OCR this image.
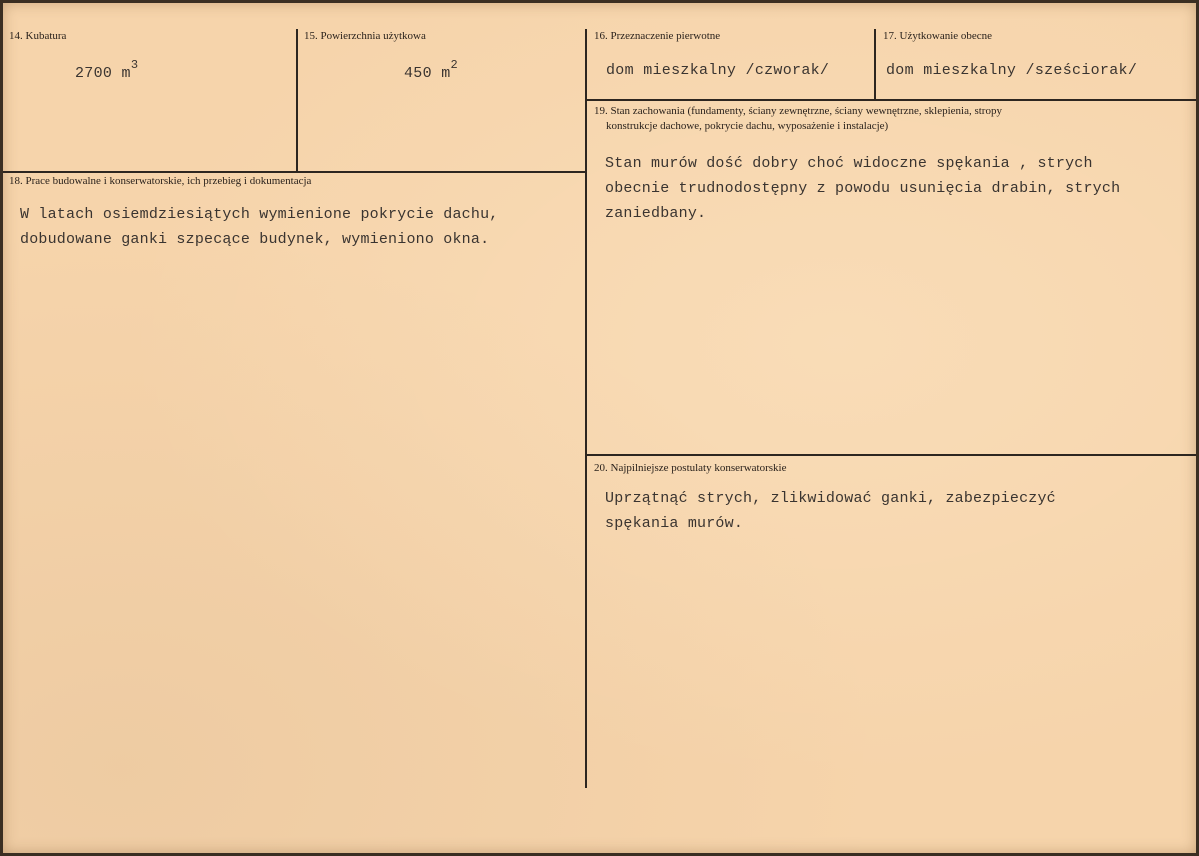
14. Kubatura
2700 $m^3$
15. Powierzchnia użytkowa
450 $m^2$
16. Przeznaczenie pierwotne
dom mieszkalny /czworak/
17. Użytkowanie obecne
dom mieszkalny /sześciorak/
18. Prace budowalne i konserwatorskie, ich przebieg i dokumentacja
W latach osiemdziesiątych wymienione pokrycie dachu,
dobudowane ganki szpecące budynek, wymieniono okna.
19. Stan zachowania (fundamenty, ściany zewnętrzne, ściany wewnętrzne, sklepienia, stropy
konstrukcje dachowe, pokrycie dachu, wyposażenie i instalacje)
Stan murów dość dobry choć widoczne spękania , strych
obecnie trudnodostępny z powodu usunięcia drabin, strych
zaniedbany.
20. Najpilniejsze postulaty konserwatorskie
Uprzątnąć strych, zlikwidować ganki, zabezpieczyć
spękania murów.
